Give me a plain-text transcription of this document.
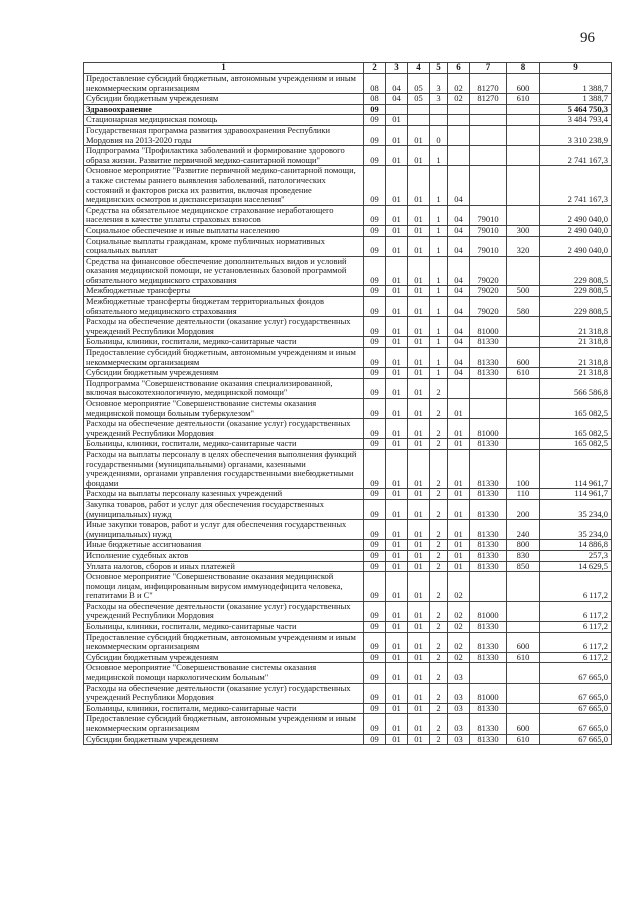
96
1	2	3	4	5	6	7	8	9
Предоставление субсидий бюджетным, автономным учреждениям и иным некоммерческим организациям	08	04	05	3	02	81270	600	1 388,7
Субсидии бюджетным учреждениям	08	04	05	3	02	81270	610	1 388,7
Здравоохранение	09							5 464 750,3
Стационарная медицинская помощь	09	01						3 484 793,4
Государственная программа развития здравоохранения Республики Мордовия на 2013-2020 годы	09	01	01	0				3 310 238,9
Подпрограмма "Профилактика заболеваний и формирование здорового образа жизни. Развитие первичной медико-санитарной помощи"	09	01	01	1				2 741 167,3
Основное мероприятие "Развитие первичной медико-санитарной помощи, а также системы раннего выявления заболеваний, патологических состояний и факторов риска их развития, включая проведение медицинских осмотров и диспансеризации населения"	09	01	01	1	04			2 741 167,3
Средства на обязательное медицинское страхование неработающего населения в качестве уплаты страховых взносов	09	01	01	1	04	79010		2 490 040,0
Социальное обеспечение и иные выплаты населению	09	01	01	1	04	79010	300	2 490 040,0
Социальные выплаты гражданам, кроме публичных нормативных социальных выплат	09	01	01	1	04	79010	320	2 490 040,0
Средства на финансовое обеспечение дополнительных видов и условий оказания медицинской помощи, не установленных базовой программой обязательного медицинского страхования	09	01	01	1	04	79020		229 808,5
Межбюджетные трансферты	09	01	01	1	04	79020	500	229 808,5
Межбюджетные трансферты бюджетам территориальных фондов обязательного медицинского страхования	09	01	01	1	04	79020	580	229 808,5
Расходы на обеспечение деятельности (оказание услуг) государственных учреждений Республики Мордовия	09	01	01	1	04	81000		21 318,8
Больницы, клиники, госпитали, медико-санитарные части	09	01	01	1	04	81330		21 318,8
Предоставление субсидий бюджетным, автономным учреждениям и иным некоммерческим организациям	09	01	01	1	04	81330	600	21 318,8
Субсидии бюджетным учреждениям	09	01	01	1	04	81330	610	21 318,8
Подпрограмма "Совершенствование оказания специализированной, включая высокотехнологичную, медицинской помощи"	09	01	01	2				566 586,8
Основное мероприятие "Совершенствование системы оказания медицинской помощи больным туберкулезом"	09	01	01	2	01			165 082,5
Расходы на обеспечение деятельности (оказание услуг) государственных учреждений Республики Мордовия	09	01	01	2	01	81000		165 082,5
Больницы, клиники, госпитали, медико-санитарные части	09	01	01	2	01	81330		165 082,5
Расходы на выплаты персоналу в целях обеспечения выполнения функций государственными (муниципальными) органами, казенными учреждениями, органами управления государственными внебюджетными фондами	09	01	01	2	01	81330	100	114 961,7
Расходы на выплаты персоналу казенных учреждений	09	01	01	2	01	81330	110	114 961,7
Закупка товаров, работ и услуг для обеспечения государственных (муниципальных) нужд	09	01	01	2	01	81330	200	35 234,0
Иные закупки товаров, работ и услуг для обеспечения государственных (муниципальных) нужд	09	01	01	2	01	81330	240	35 234,0
Иные бюджетные ассигнования	09	01	01	2	01	81330	800	14 886,8
Исполнение судебных актов	09	01	01	2	01	81330	830	257,3
Уплата налогов, сборов и иных платежей	09	01	01	2	01	81330	850	14 629,5
Основное мероприятие "Совершенствование оказания медицинской помощи лицам, инфицированным вирусом иммунодефицита человека, гепатитами В и С"	09	01	01	2	02			6 117,2
Расходы на обеспечение деятельности (оказание услуг) государственных учреждений Республики Мордовия	09	01	01	2	02	81000		6 117,2
Больницы, клиники, госпитали, медико-санитарные части	09	01	01	2	02	81330		6 117,2
Предоставление субсидий бюджетным, автономным учреждениям и иным некоммерческим организациям	09	01	01	2	02	81330	600	6 117,2
Субсидии бюджетным учреждениям	09	01	01	2	02	81330	610	6 117,2
Основное мероприятие "Совершенствование системы оказания медицинской помощи наркологическим больным"	09	01	01	2	03			67 665,0
Расходы на обеспечение деятельности (оказание услуг) государственных учреждений Республики Мордовия	09	01	01	2	03	81000		67 665,0
Больницы, клиники, госпитали, медико-санитарные части	09	01	01	2	03	81330		67 665,0
Предоставление субсидий бюджетным, автономным учреждениям и иным некоммерческим организациям	09	01	01	2	03	81330	600	67 665,0
Субсидии бюджетным учреждениям	09	01	01	2	03	81330	610	67 665,0
